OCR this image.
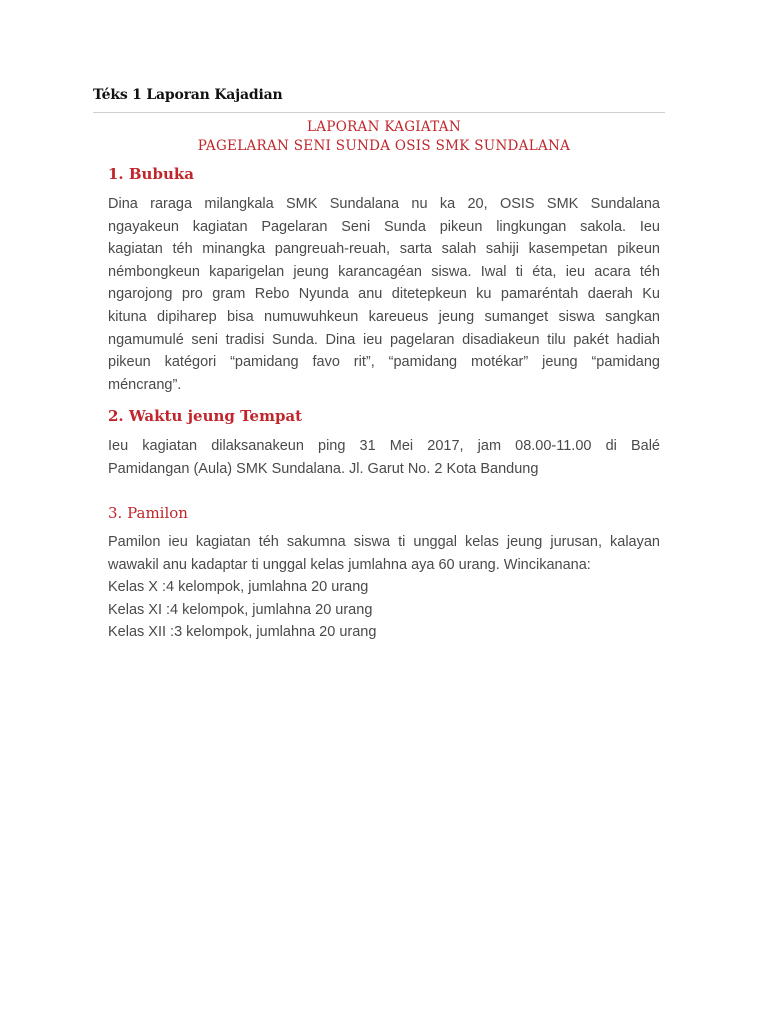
Téks 1 Laporan Kajadian
LAPORAN KAGIATAN
PAGELARAN SENI SUNDA OSIS SMK SUNDALANA
1. Bubuka
Dina raraga milangkala SMK Sundalana nu ka 20, OSIS SMK Sundalana
ngayakeun kagiatan Pagelaran Seni Sunda pikeun lingkungan sakola. Ieu
kagiatan téh minangka pangreuah-reuah, sarta salah sahiji kasempetan pikeun
némbongkeun kaparigelan jeung karancagéan siswa. Iwal ti éta, ieu acara téh
ngarojong pro gram Rebo Nyunda anu ditetepkeun ku pamaréntah daerah Ku
kituna dipiharep bisa numuwuhkeun kareueus jeung sumanget siswa sangkan
ngamumulé seni tradisi Sunda. Dina ieu pagelaran disadiakeun tilu pakét hadiah
pikeun katégori “pamidang favo rit”, “pamidang motékar” jeung “pamidang
méncrang”.
2. Waktu jeung Tempat
Ieu kagiatan dilaksanakeun ping 31 Mei 2017, jam 08.00-11.00 di Balé
Pamidangan (Aula) SMK Sundalana. Jl. Garut No. 2 Kota Bandung
3. Pamilon
Pamilon ieu kagiatan téh sakumna siswa ti unggal kelas jeung jurusan, kalayan
wawakil anu kadaptar ti unggal kelas jumlahna aya 60 urang. Wincikanana:
Kelas X :4 kelompok, jumlahna 20 urang
Kelas XI :4 kelompok, jumlahna 20 urang
Kelas XII :3 kelompok, jumlahna 20 urang
